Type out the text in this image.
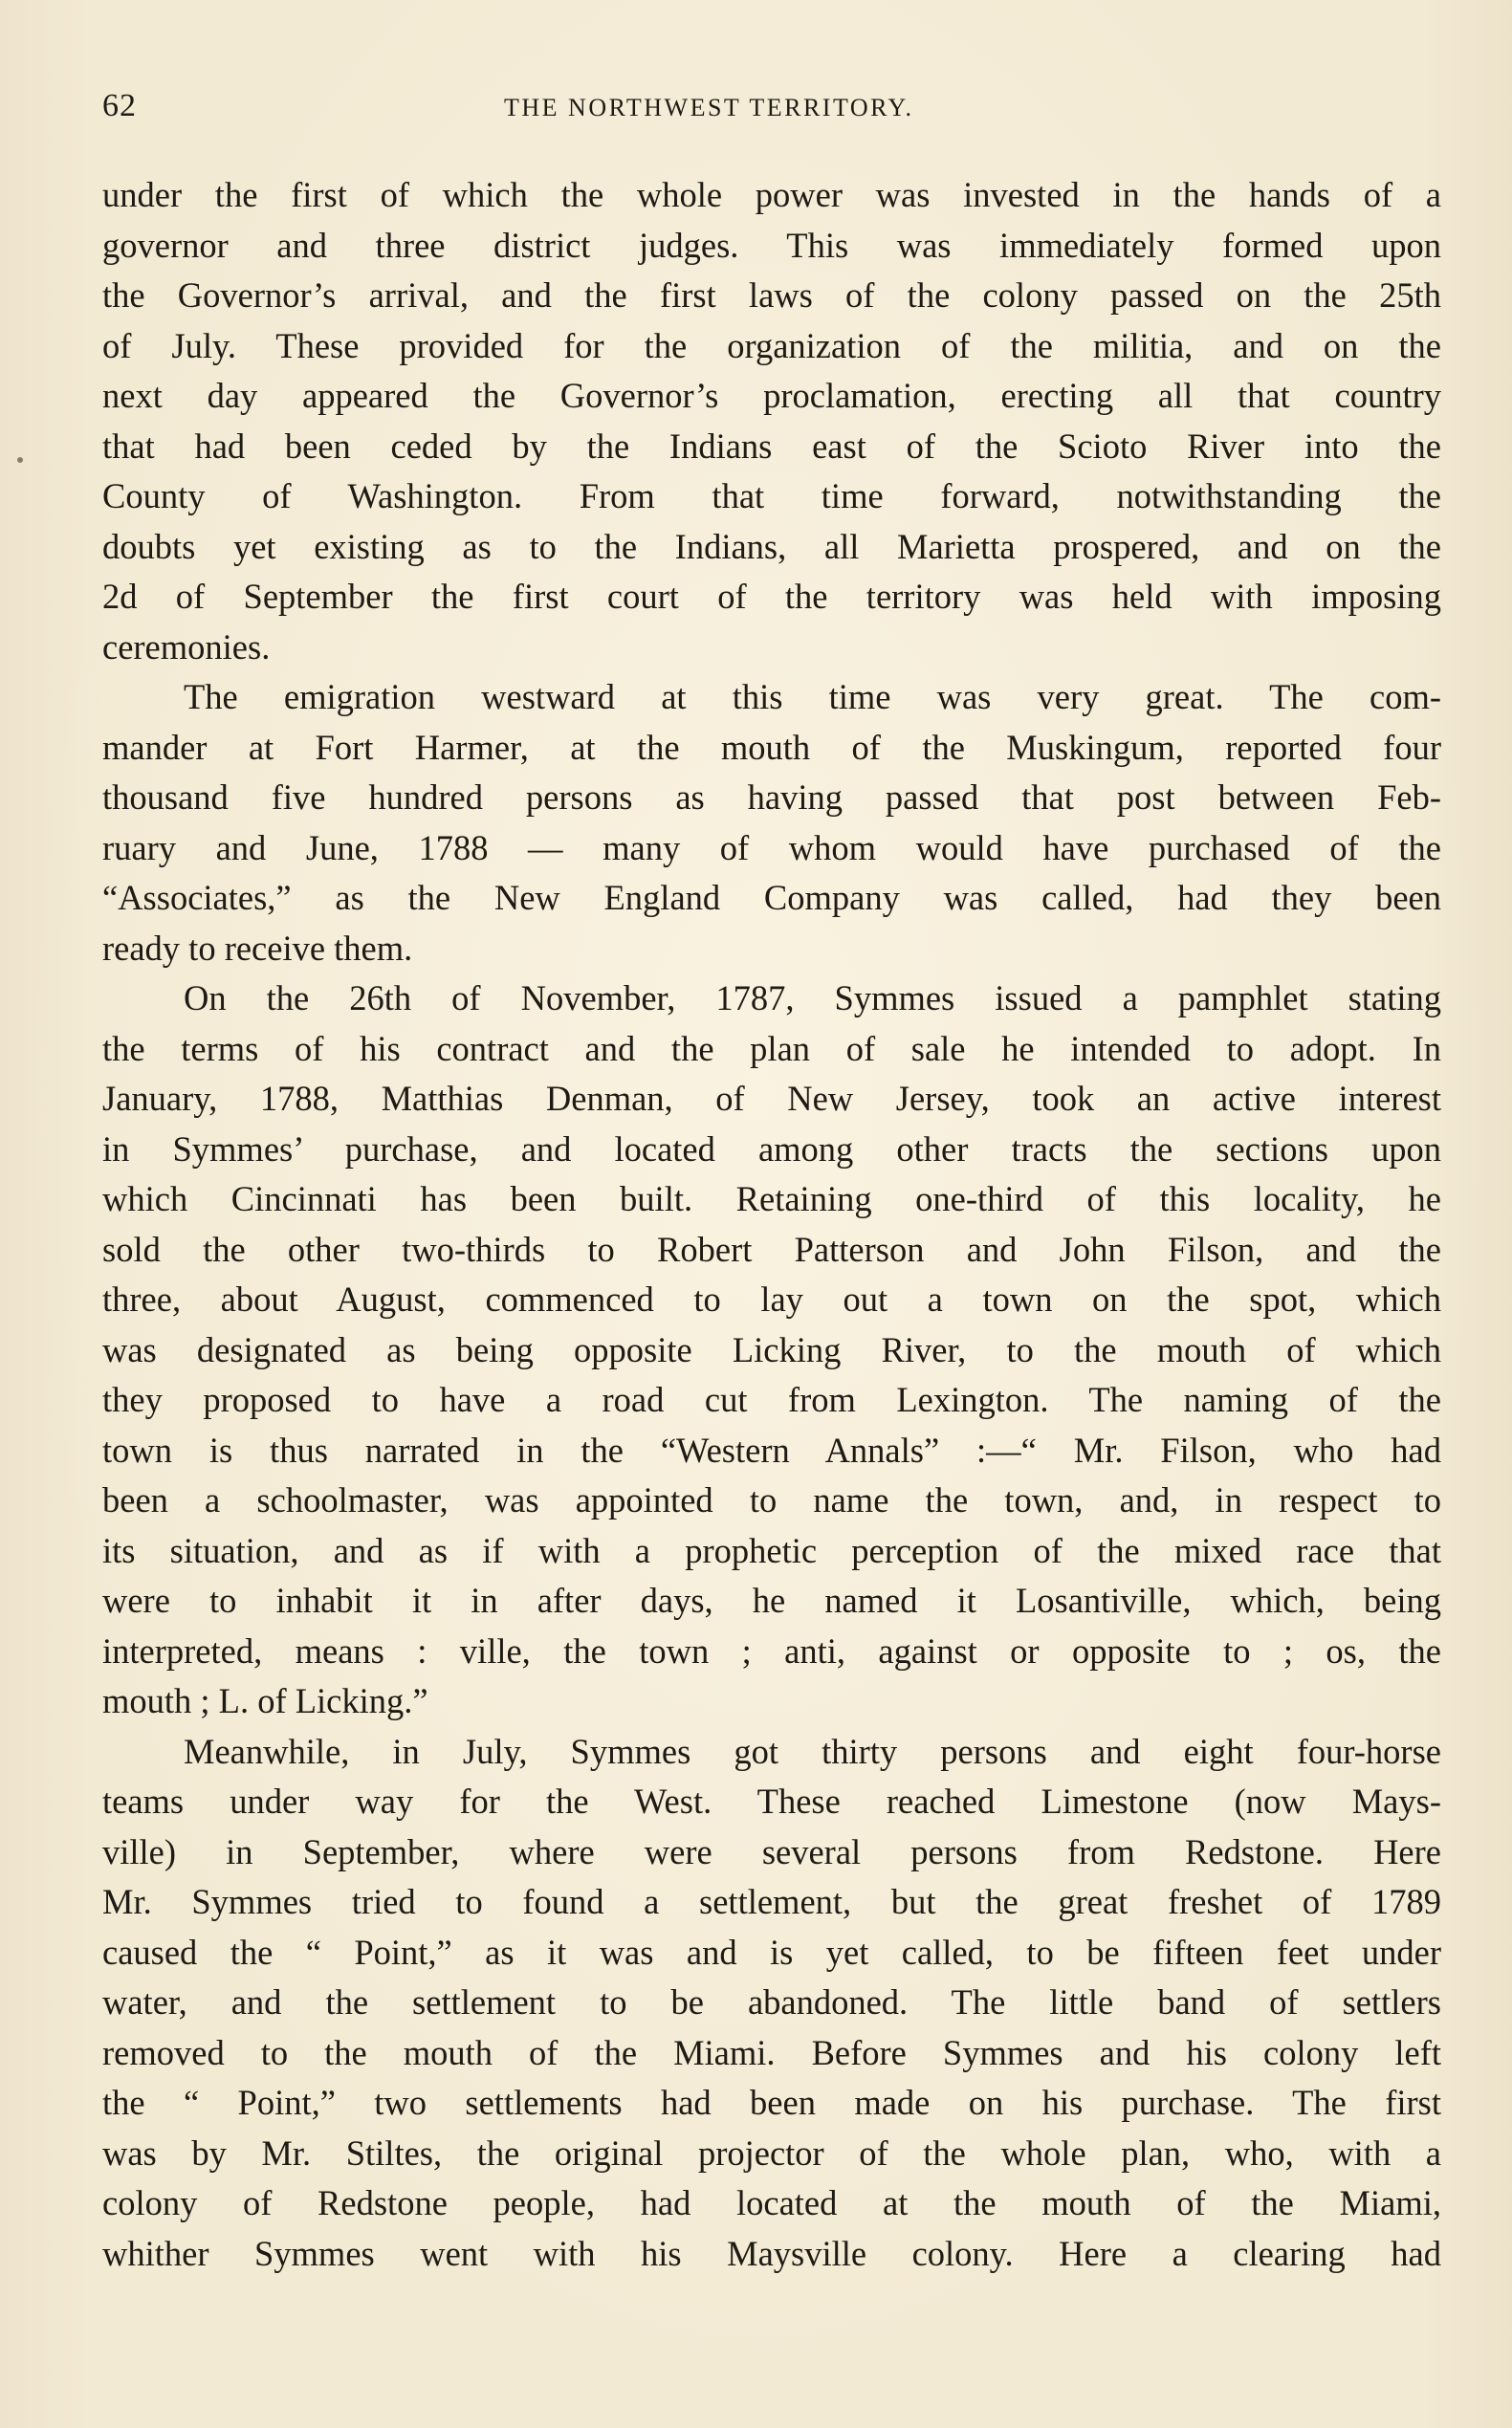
62	THE NORTHWEST TERRITORY.
under the first of which the whole power was invested in the hands of a
governor and three district judges. This was immediately formed upon
the Governor’s arrival, and the first laws of the colony passed on the 25th
of July. These provided for the organization of the militia, and on the
next day appeared the Governor’s proclamation, erecting all that country
that had been ceded by the Indians east of the Scioto River into the
County of Washington. From that time forward, notwithstanding the
doubts yet existing as to the Indians, all Marietta prospered, and on the
2d of September the first court of the territory was held with imposing
ceremonies.
The emigration westward at this time was very great. The com-
mander at Fort Harmer, at the mouth of the Muskingum, reported four
thousand five hundred persons as having passed that post between Feb-
ruary and June, 1788 — many of whom would have purchased of the
“Associates,” as the New England Company was called, had they been
ready to receive them.
On the 26th of November, 1787, Symmes issued a pamphlet stating
the terms of his contract and the plan of sale he intended to adopt. In
January, 1788, Matthias Denman, of New Jersey, took an active interest
in Symmes’ purchase, and located among other tracts the sections upon
which Cincinnati has been built. Retaining one-third of this locality, he
sold the other two-thirds to Robert Patterson and John Filson, and the
three, about August, commenced to lay out a town on the spot, which
was designated as being opposite Licking River, to the mouth of which
they proposed to have a road cut from Lexington. The naming of the
town is thus narrated in the “Western Annals” :—“ Mr. Filson, who had
been a schoolmaster, was appointed to name the town, and, in respect to
its situation, and as if with a prophetic perception of the mixed race that
were to inhabit it in after days, he named it Losantiville, which, being
interpreted, means : ville, the town ; anti, against or opposite to ; os, the
mouth ; L. of Licking.”
Meanwhile, in July, Symmes got thirty persons and eight four-horse
teams under way for the West. These reached Limestone (now Mays-
ville) in September, where were several persons from Redstone. Here
Mr. Symmes tried to found a settlement, but the great freshet of 1789
caused the “ Point,” as it was and is yet called, to be fifteen feet under
water, and the settlement to be abandoned. The little band of settlers
removed to the mouth of the Miami. Before Symmes and his colony left
the “ Point,” two settlements had been made on his purchase. The first
was by Mr. Stiltes, the original projector of the whole plan, who, with a
colony of Redstone people, had located at the mouth of the Miami,
whither Symmes went with his Maysville colony. Here a clearing had
